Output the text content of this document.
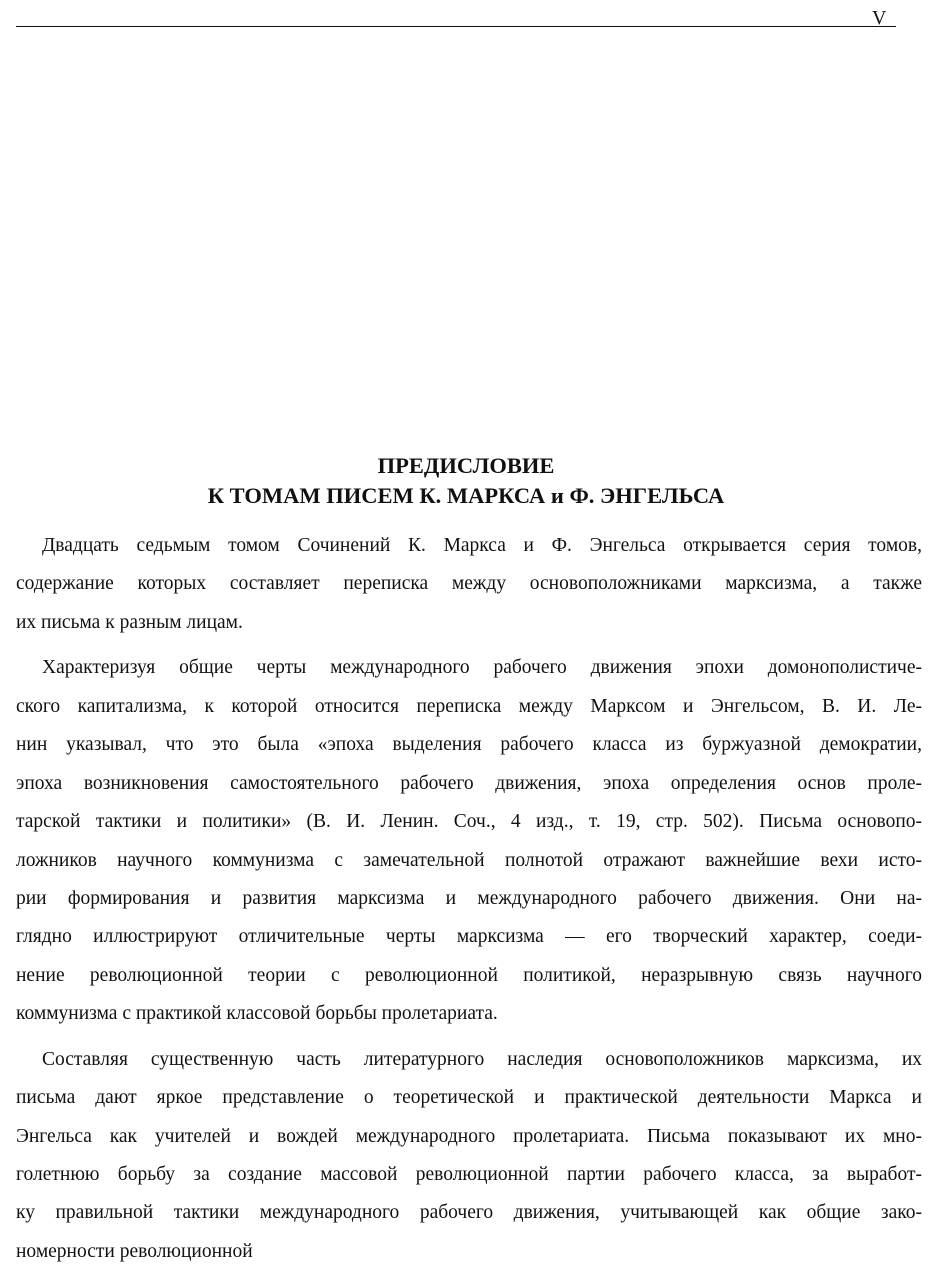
V
ПРЕДИСЛОВИЕ
К ТОМАМ ПИСЕМ К. МАРКСА и Ф. ЭНГЕЛЬСА
Двадцать седьмым томом Сочинений К. Маркса и Ф. Энгельса открывается серия томов,
содержание которых составляет переписка между основоположниками марксизма, а также
их письма к разным лицам.
Характеризуя общие черты международного рабочего движения эпохи домонополистиче-
ского капитализма, к которой относится переписка между Марксом и Энгельсом, В. И. Ле-
нин указывал, что это была «эпоха выделения рабочего класса из буржуазной демократии,
эпоха возникновения самостоятельного рабочего движения, эпоха определения основ проле-
тарской тактики и политики» (В. И. Ленин. Соч., 4 изд., т. 19, стр. 502). Письма основопо-
ложников научного коммунизма с замечательной полнотой отражают важнейшие вехи исто-
рии формирования и развития марксизма и международного рабочего движения. Они на-
глядно иллюстрируют отличительные черты марксизма — его творческий характер, соеди-
нение революционной теории с революционной политикой, неразрывную связь научного
коммунизма с практикой классовой борьбы пролетариата.
Составляя существенную часть литературного наследия основоположников марксизма, их
письма дают яркое представление о теоретической и практической деятельности Маркса и
Энгельса как учителей и вождей международного пролетариата. Письма показывают их мно-
голетнюю борьбу за создание массовой революционной партии рабочего класса, за выработ-
ку правильной тактики международного рабочего движения, учитывающей как общие зако-
номерности революционной
